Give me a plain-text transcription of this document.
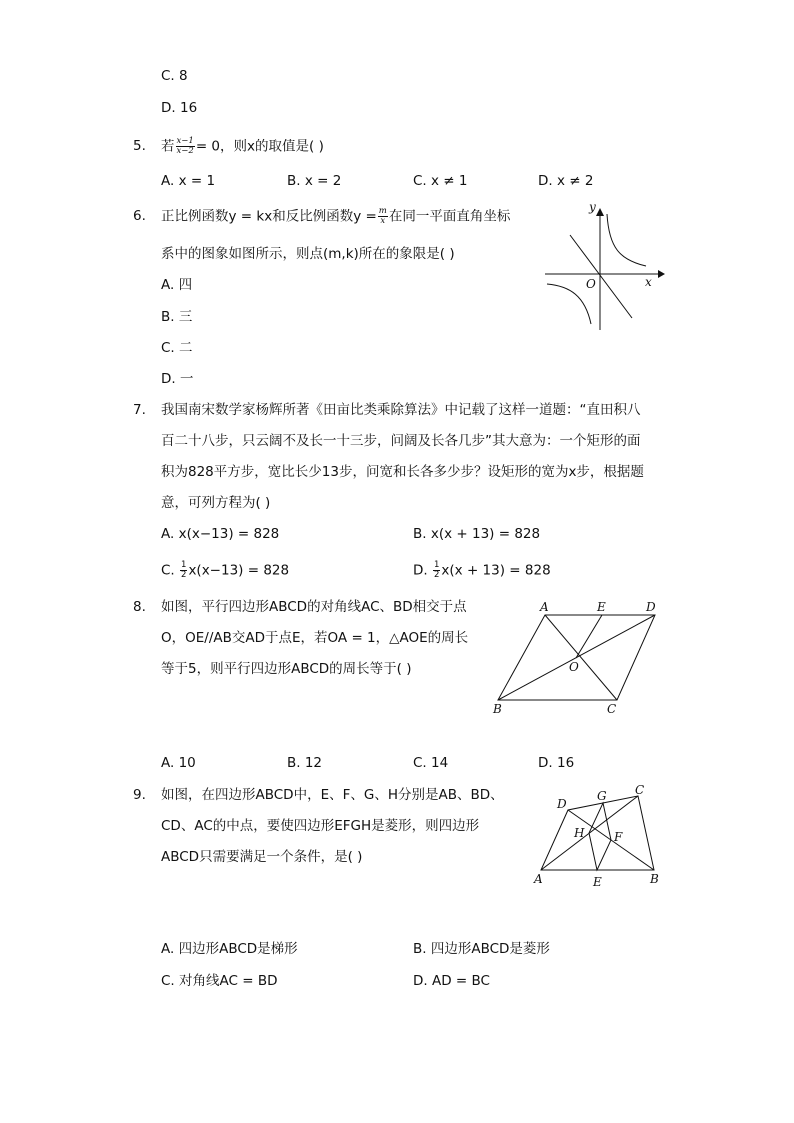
C. 8
D. 16
5. 若 $\frac{x-1}{x-2} = 0$，则x的取值是( )
A. x = 1	B. x = 2	C. x ≠ 1	D. x ≠ 2
6. 正比例函数y = kx和反比例函数$y = \frac{m}{x}$ 在同一平面直角坐标
系中的图象如图所示，则点(m,k)所在的象限是( )
A. 四
B. 三
C. 二
D. 一
y
x
O
7. 我国南宋数学家杨辉所著《田亩比类乘除算法》中记载了这样一道题：“直田积八
百二十八步，只云阔不及长一十三步，问阔及长各几步”其大意为：一个矩形的面
积为828平方步，宽比长少13步，问宽和长各多少步？设矩形的宽为x步，根据题
意，可列方程为( )
A. x(x−13) = 828	B. x(x + 13) = 828
C. $\frac{1}{2} x(x-13) = 828$	D. $\frac{1}{2} x(x + 13) = 828$
8. 如图，平行四边形ABCD的对角线AC、BD相交于点
O，OE//AB交AD于点E，若OA = 1，△AOE的周长
等于5，则平行四边形ABCD的周长等于( )
A	E	D
O
B	C
A. 10	B. 12	C. 14	D. 16
9. 如图，在四边形ABCD中，E、F、G、H分别是AB、BD、
CD、AC的中点，要使四边形EFGH是菱形，则四边形
ABCD只需要满足一个条件，是( )
D
G C
H F
A	E	B
A. 四边形ABCD是梯形	B. 四边形ABCD是菱形
C. 对角线AC = BD	D. AD = BC
